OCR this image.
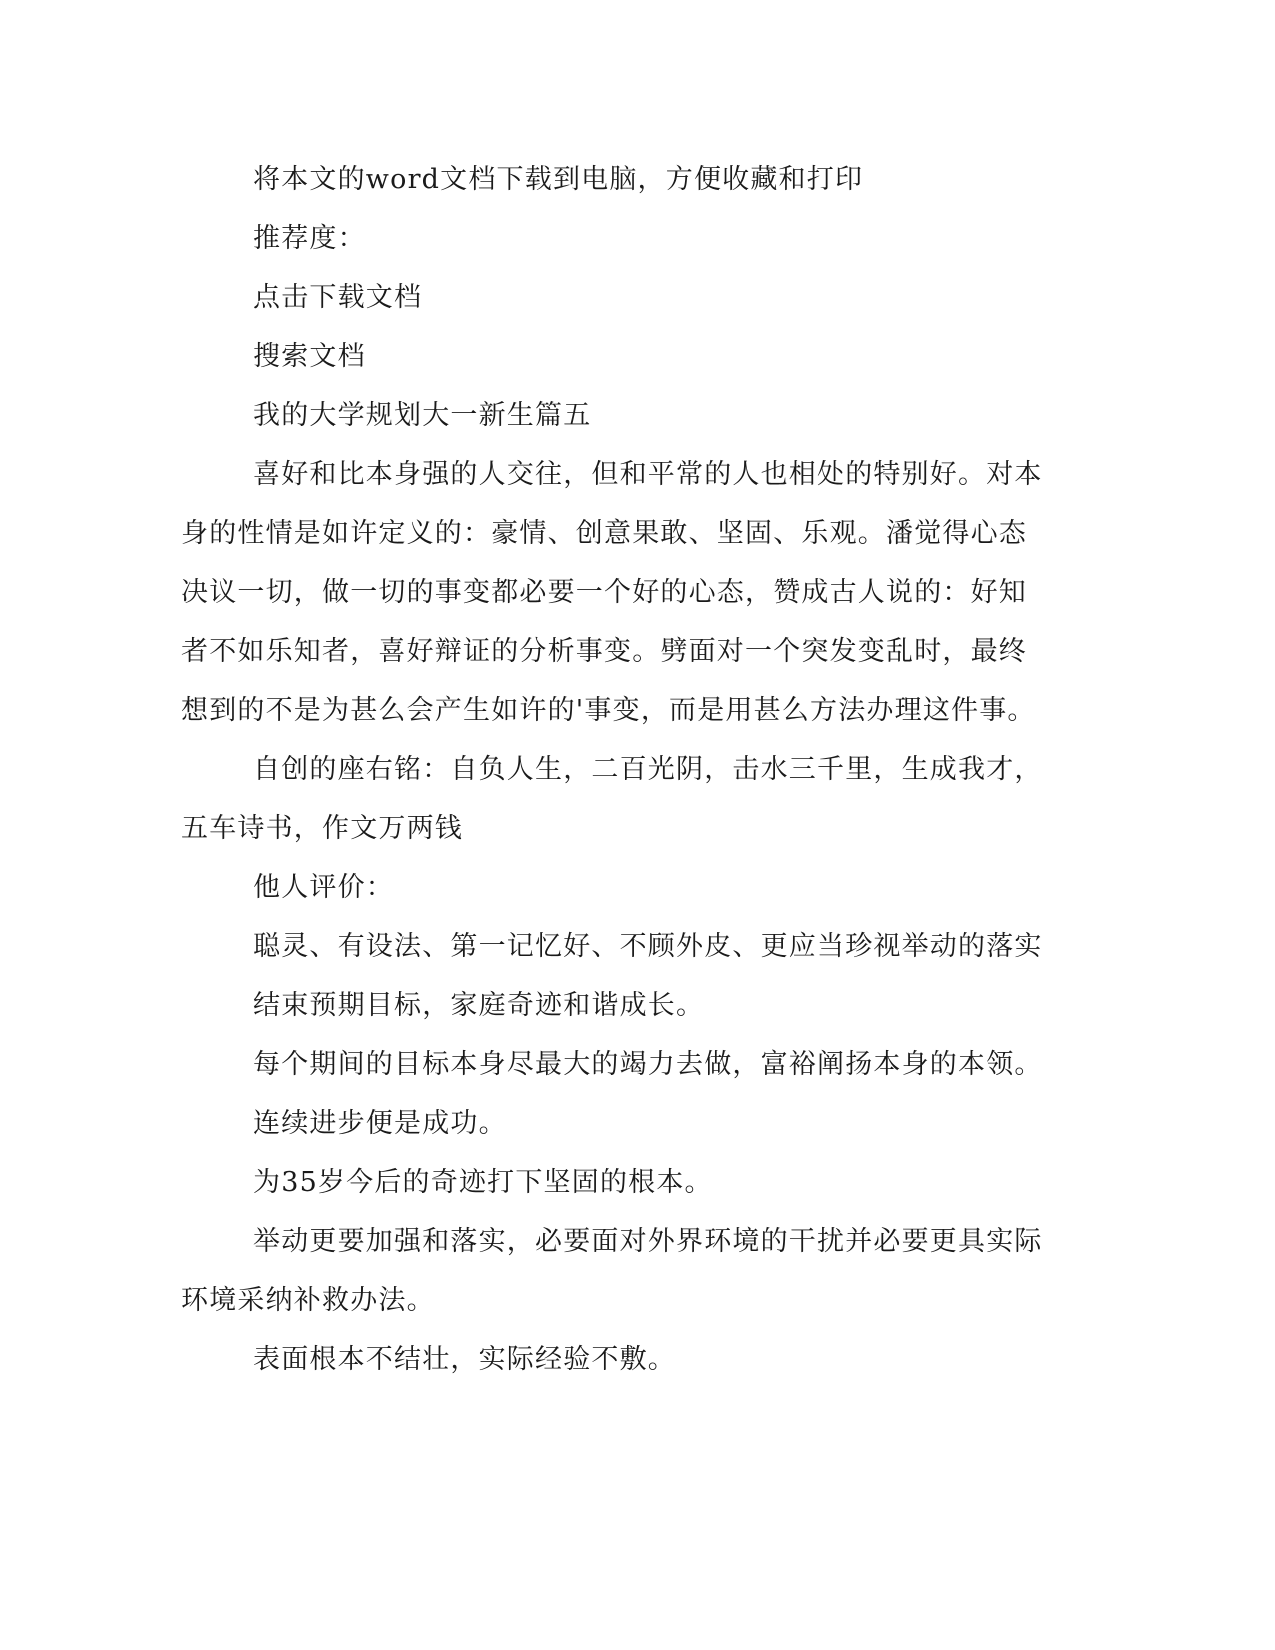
将本文的word文档下载到电脑，方便收藏和打印
推荐度：
点击下载文档
搜索文档
我的大学规划大一新生篇五
喜好和比本身强的人交往，但和平常的人也相处的特别好。对本
身的性情是如许定义的：豪情、创意果敢、坚固、乐观。潘觉得心态
决议一切，做一切的事变都必要一个好的心态，赞成古人说的：好知
者不如乐知者，喜好辩证的分析事变。劈面对一个突发变乱时，最终
想到的不是为甚么会产生如许的'事变，而是用甚么方法办理这件事。
自创的座右铭：自负人生，二百光阴，击水三千里，生成我才，
五车诗书，作文万两钱
他人评价：
聪灵、有设法、第一记忆好、不顾外皮、更应当珍视举动的落实
结束预期目标，家庭奇迹和谐成长。
每个期间的目标本身尽最大的竭力去做，富裕阐扬本身的本领。
连续进步便是成功。
为35岁今后的奇迹打下坚固的根本。
举动更要加强和落实，必要面对外界环境的干扰并必要更具实际
环境采纳补救办法。
表面根本不结壮，实际经验不敷。
